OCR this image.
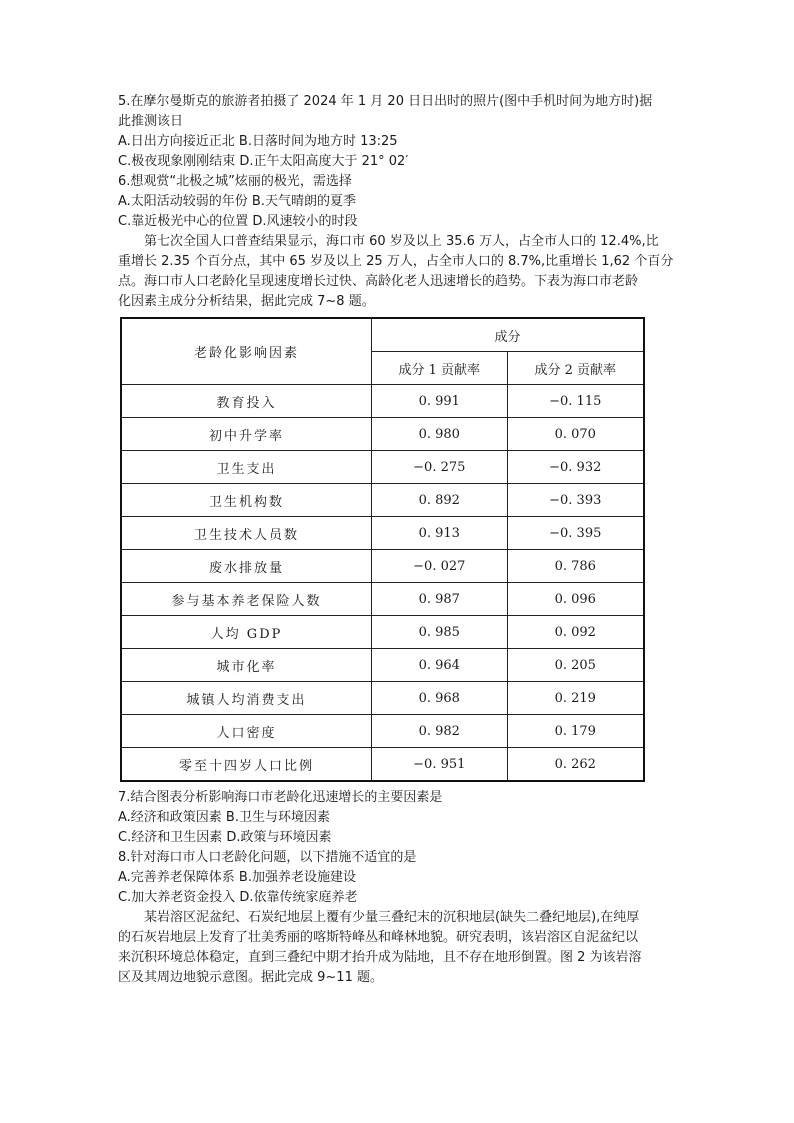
5.在摩尔曼斯克的旅游者拍摄了 2024 年 1 月 20 日日出时的照片(图中手机时间为地方时)据
此推测该日
A.日出方向接近正北 B.日落时间为地方时 13:25
C.极夜现象刚刚结束 D.正午太阳高度大于 21° 02′
6.想观赏“北极之城”炫丽的极光，需选择
A.太阳活动较弱的年份 B.天气晴朗的夏季
C.靠近极光中心的位置 D.风速较小的时段
第七次全国人口普查结果显示，海口市 60 岁及以上 35.6 万人，占全市人口的 12.4%,比
重增长 2.35 个百分点，其中 65 岁及以上 25 万人，占全市人口的 8.7%,比重增长 1,62 个百分
点。海口市人口老龄化呈现速度增长过快、高龄化老人迅速增长的趋势。下表为海口市老龄
化因素主成分分析结果，据此完成 7~8 题。
老龄化影响因素	成分	
	成分 1 贡献率	成分 2 贡献率
教育投入	0. 991	−0. 115
初中升学率	0. 980	0. 070
卫生支出	−0. 275	−0. 932
卫生机构数	0. 892	−0. 393
卫生技术人员数	0. 913	−0. 395
废水排放量	−0. 027	0. 786
参与基本养老保险人数	0. 987	0. 096
人均 GDP	0. 985	0. 092
城市化率	0. 964	0. 205
城镇人均消费支出	0. 968	0. 219
人口密度	0. 982	0. 179
零至十四岁人口比例	−0. 951	0. 262
7.结合图表分析影响海口市老龄化迅速增长的主要因素是
A.经济和政策因素 B.卫生与环境因素
C.经济和卫生因素 D.政策与环境因素
8.针对海口市人口老龄化问题，以下措施不适宜的是
A.完善养老保障体系 B.加强养老设施建设
C.加大养老资金投入 D.依靠传统家庭养老
某岩溶区泥盆纪、石炭纪地层上覆有少量三叠纪末的沉积地层(缺失二叠纪地层),在纯厚
的石灰岩地层上发育了壮美秀丽的喀斯特峰丛和峰林地貌。研究表明，该岩溶区自泥盆纪以
来沉积环境总体稳定，直到三叠纪中期才抬升成为陆地，且不存在地形倒置。图 2 为该岩溶
区及其周边地貌示意图。据此完成 9~11 题。
